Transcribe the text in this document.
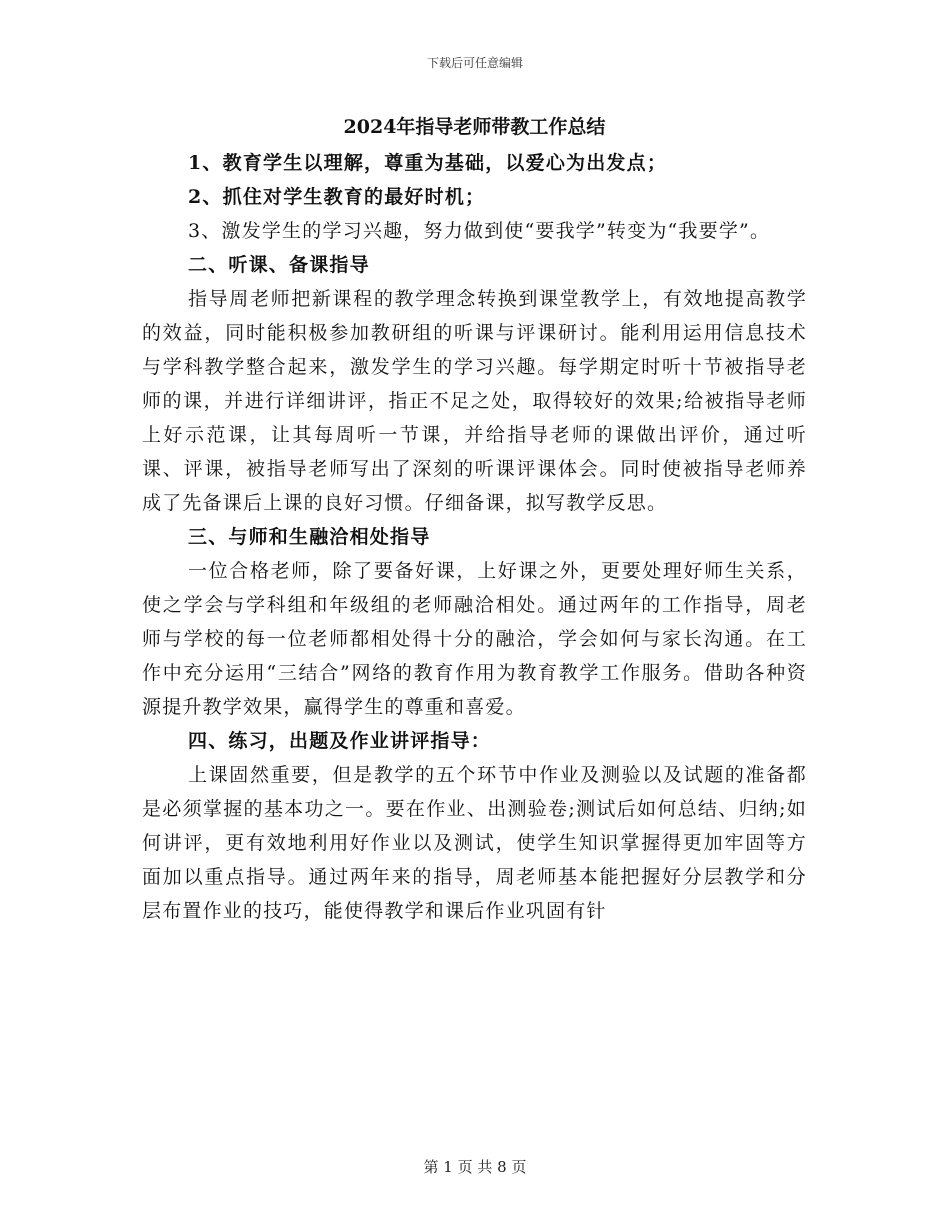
下载后可任意编辑
2024年指导老师带教工作总结

1、教育学生以理解，尊重为基础，以爱心为出发点；

2、抓住对学生教育的最好时机；

3、激发学生的学习兴趣，努力做到使“要我学”转变为“我要学”。

二、听课、备课指导

指导周老师把新课程的教学理念转换到课堂教学上，有效地提高教学的效益，同时能积极参加教研组的听课与评课研讨。能利用运用信息技术与学科教学整合起来，激发学生的学习兴趣。每学期定时听十节被指导老师的课，并进行详细讲评，指正不足之处，取得较好的效果;给被指导老师上好示范课，让其每周听一节课，并给指导老师的课做出评价，通过听课、评课，被指导老师写出了深刻的听课评课体会。同时使被指导老师养成了先备课后上课的良好习惯。仔细备课，拟写教学反思。

三、与师和生融洽相处指导

一位合格老师，除了要备好课，上好课之外，更要处理好师生关系，使之学会与学科组和年级组的老师融洽相处。通过两年的工作指导，周老师与学校的每一位老师都相处得十分的融洽，学会如何与家长沟通。在工作中充分运用“三结合”网络的教育作用为教育教学工作服务。借助各种资源提升教学效果，赢得学生的尊重和喜爱。

四、练习，出题及作业讲评指导：

上课固然重要，但是教学的五个环节中作业及测验以及试题的准备都是必须掌握的基本功之一。要在作业、出测验卷;测试后如何总结、归纳;如何讲评，更有效地利用好作业以及测试，使学生知识掌握得更加牢固等方面加以重点指导。通过两年来的指导，周老师基本能把握好分层教学和分层布置作业的技巧，能使得教学和课后作业巩固有针

第 1 页 共 8 页
